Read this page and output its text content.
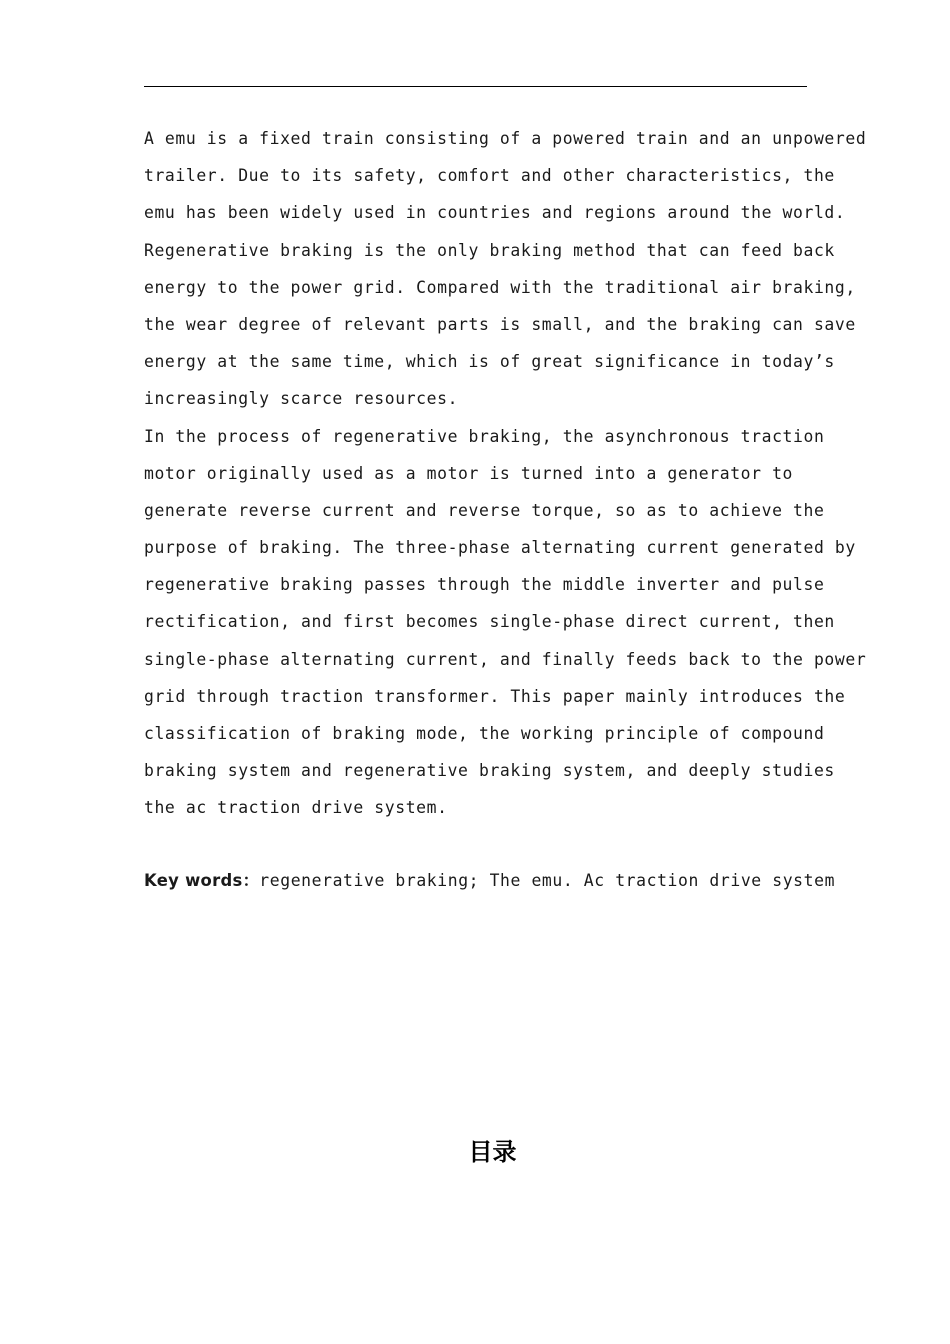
A emu is a fixed train consisting of a powered train and an unpowered
trailer. Due to its safety, comfort and other characteristics, the
emu has been widely used in countries and regions around the world.
Regenerative braking is the only braking method that can feed back
energy to the power grid. Compared with the traditional air braking,
the wear degree of relevant parts is small, and the braking can save
energy at the same time, which is of great significance in today’s
increasingly scarce resources.
In the process of regenerative braking, the asynchronous traction
motor originally used as a motor is turned into a generator to
generate reverse current and reverse torque, so as to achieve the
purpose of braking. The three-phase alternating current generated by
regenerative braking passes through the middle inverter and pulse
rectification, and first becomes single-phase direct current, then
single-phase alternating current, and finally feeds back to the power
grid through traction transformer. This paper mainly introduces the
classification of braking mode, the working principle of compound
braking system and regenerative braking system, and deeply studies
the ac traction drive system.
Key words：regenerative braking; The emu. Ac traction drive system
目录
